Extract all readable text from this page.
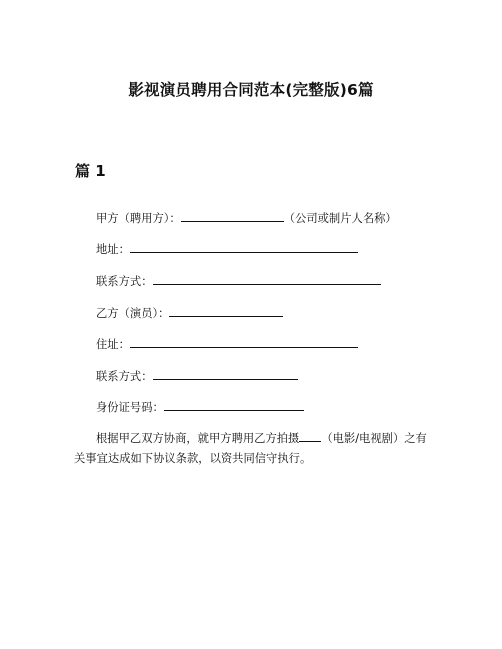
影视演员聘用合同范本(完整版)6篇
篇 1
甲方（聘用方）：	（公司或制片人名称）
地址：
联系方式：
乙方（演员）：
住址：
联系方式：
身份证号码：
根据甲乙双方协商，就甲方聘用乙方拍摄 （电影/电视剧）之有关事宜达成如下协议条款，以资共同信守执行。
